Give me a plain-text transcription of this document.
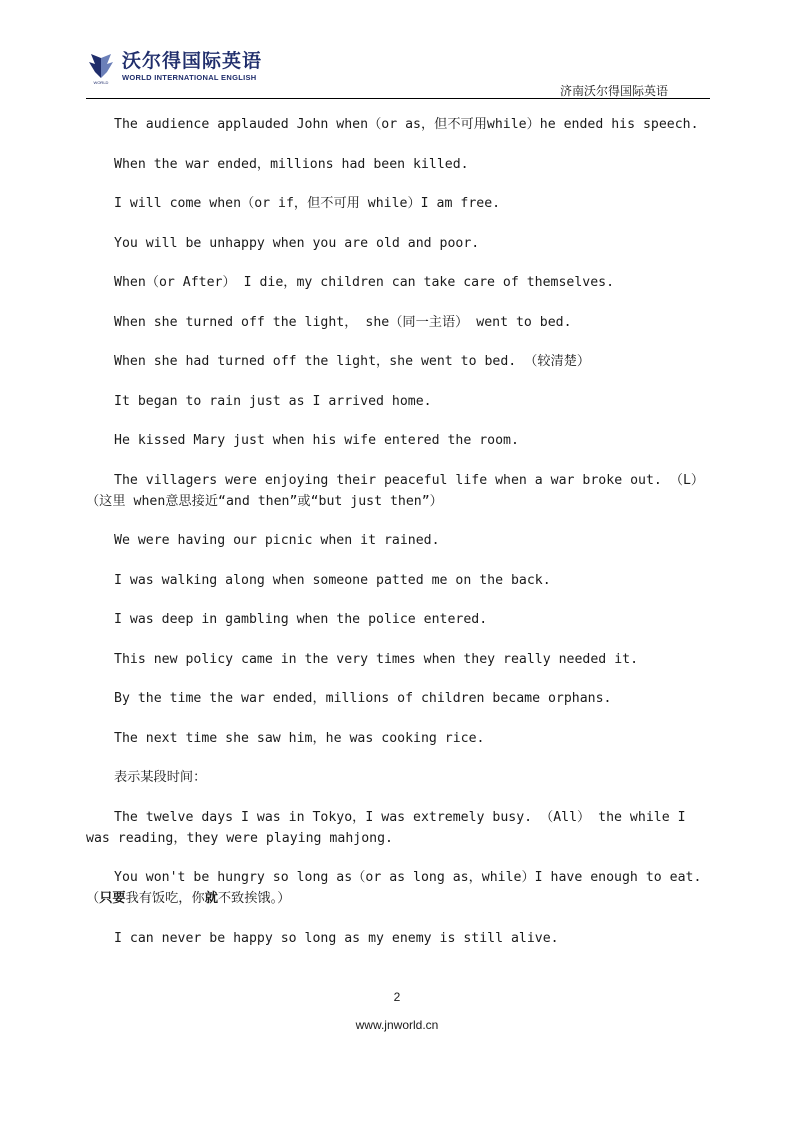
WORLD
沃尔得国际英语
WORLD INTERNATIONAL ENGLISH
济南沃尔得国际英语

The audience applauded John when（or as，但不可用while）he ended his speech.

When the war ended，millions had been killed.

I will come when（or if，但不可用 while）I am free.

You will be unhappy when you are old and poor.

When（or After） I die，my children can take care of themselves.

When she turned off the light， she（同一主语） went to bed.

When she had turned off the light，she went to bed. （较清楚）

It began to rain just as I arrived home.

He kissed Mary just when his wife entered the room.

The villagers were enjoying their peaceful life when a war broke out. （L）（这里 when意思接近“and then”或“but just then”）

We were having our picnic when it rained.

I was walking along when someone patted me on the back.

I was deep in gambling when the police entered.

This new policy came in the very times when they really needed it.

By the time the war ended，millions of children became orphans.

The next time she saw him，he was cooking rice.

表示某段时间：

The twelve days I was in Tokyo，I was extremely busy. （All） the while I was reading，they were playing mahjong.

You won't be hungry so long as（or as long as，while）I have enough to eat. （只要我有饭吃，你就不致挨饿。）

I can never be happy so long as my enemy is still alive.

2
www.jnworld.cn
